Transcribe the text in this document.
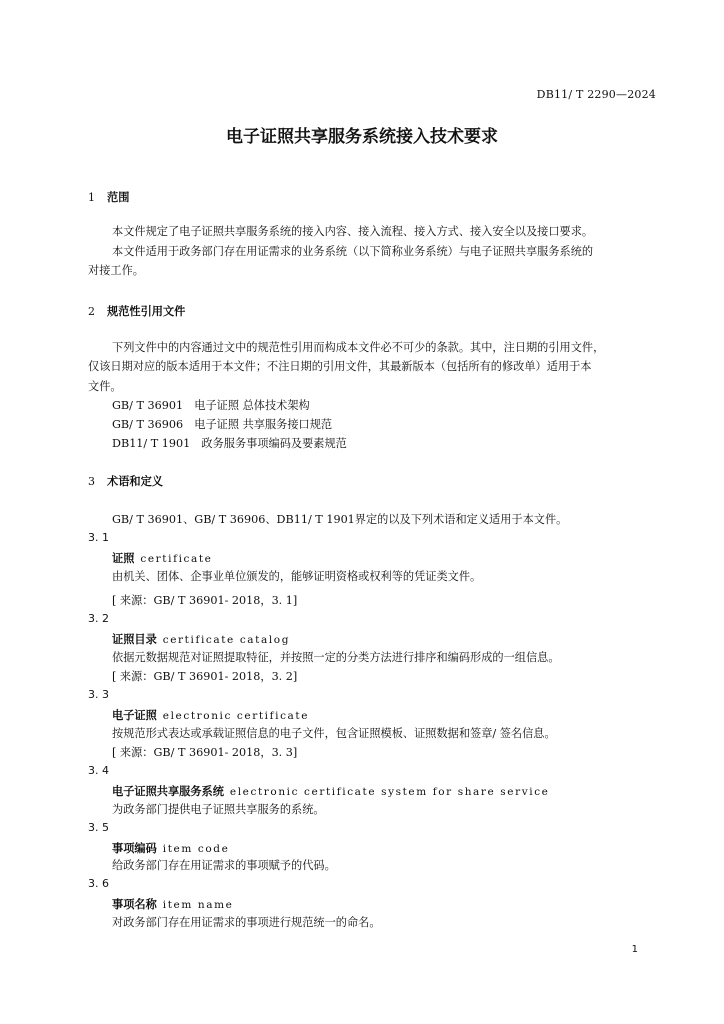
DB11/ T 2290—2024
电子证照共享服务系统接入技术要求
1 范围
本文件规定了电子证照共享服务系统的接入内容、接入流程、接入方式、接入安全以及接口要求。
本文件适用于政务部门存在用证需求的业务系统（以下简称业务系统）与电子证照共享服务系统的
对接工作。
2 规范性引用文件
下列文件中的内容通过文中的规范性引用而构成本文件必不可少的条款。其中，注日期的引用文件，
仅该日期对应的版本适用于本文件；不注日期的引用文件，其最新版本（包括所有的修改单）适用于本
文件。
GB/ T 36901　电子证照 总体技术架构
GB/ T 36906　电子证照 共享服务接口规范
DB11/ T 1901　政务服务事项编码及要素规范
3 术语和定义
GB/ T 36901、GB/ T 36906、DB11/ T 1901界定的以及下列术语和定义适用于本文件。
3. 1
证照 certificate
由机关、团体、企事业单位颁发的，能够证明资格或权利等的凭证类文件。
[ 来源：GB/ T 36901- 2018，3. 1]
3. 2
证照目录 certificate catalog
依据元数据规范对证照提取特征，并按照一定的分类方法进行排序和编码形成的一组信息。
[ 来源：GB/ T 36901- 2018，3. 2]
3. 3
电子证照 electronic certificate
按规范形式表达或承载证照信息的电子文件，包含证照模板、证照数据和签章/ 签名信息。
[ 来源：GB/ T 36901- 2018，3. 3]
3. 4
电子证照共享服务系统 electronic certificate system for share service
为政务部门提供电子证照共享服务的系统。
3. 5
事项编码 item code
给政务部门存在用证需求的事项赋予的代码。
3. 6
事项名称 item name
对政务部门存在用证需求的事项进行规范统一的命名。
1
